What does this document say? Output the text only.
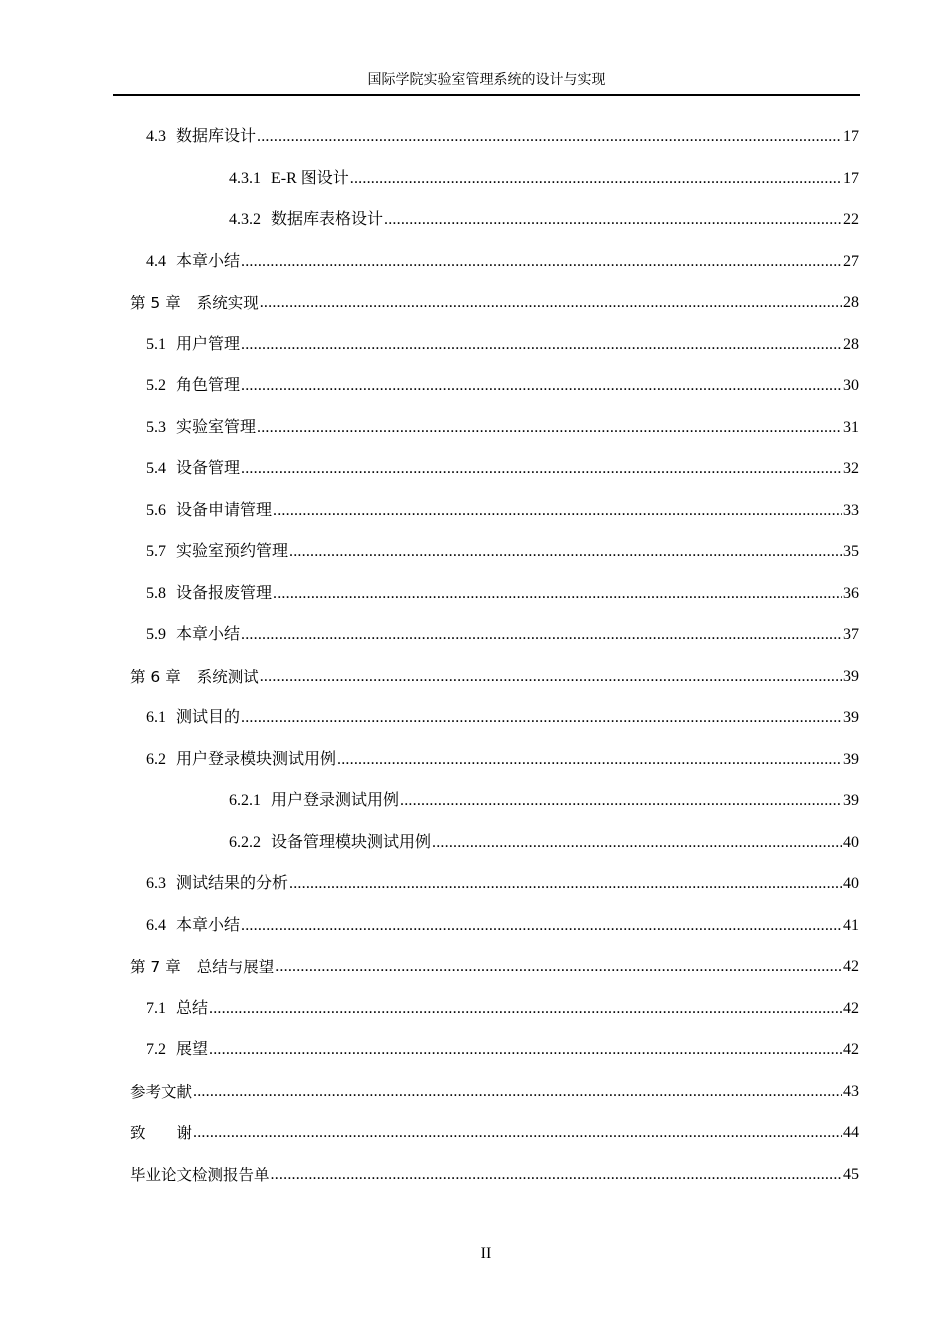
国际学院实验室管理系统的设计与实现
4.3 数据库设计 .....	17
4.3.1 E-R 图设计 .....	17
4.3.2 数据库表格设计 .....	22
4.4 本章小结 .....	27
第 5 章 系统实现 .....	28
5.1 用户管理 .....	28
5.2 角色管理 .....	30
5.3 实验室管理 .....	31
5.4 设备管理 .....	32
5.6 设备申请管理 .....	33
5.7 实验室预约管理 .....	35
5.8 设备报废管理 .....	36
5.9 本章小结 .....	37
第 6 章 系统测试 .....	39
6.1 测试目的 .....	39
6.2 用户登录模块测试用例 .....	39
6.2.1 用户登录测试用例 .....	39
6.2.2 设备管理模块测试用例 .....	40
6.3 测试结果的分析 .....	40
6.4 本章小结 .....	41
第 7 章 总结与展望 .....	42
7.1 总结 .....	42
7.2 展望 .....	42
参考文献 .....	43
致　　谢 .....	44
毕业论文检测报告单 .....	45
II
